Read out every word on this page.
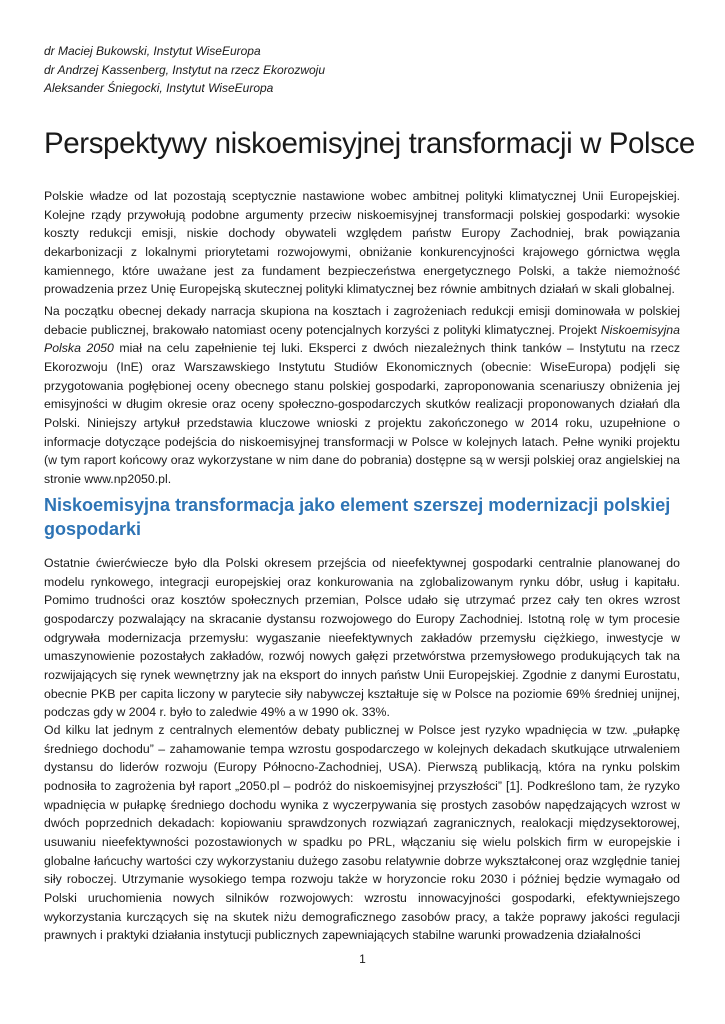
dr Maciej Bukowski, Instytut WiseEuropa
dr Andrzej Kassenberg, Instytut na rzecz Ekorozwoju
Aleksander Śniegocki, Instytut WiseEuropa
Perspektywy niskoemisyjnej transformacji w Polsce

Polskie władze od lat pozostają sceptycznie nastawione wobec ambitnej polityki klimatycznej Unii Europejskiej. Kolejne rządy przywołują podobne argumenty przeciw niskoemisyjnej transformacji polskiej gospodarki: wysokie koszty redukcji emisji, niskie dochody obywateli względem państw Europy Zachodniej, brak powiązania dekarbonizacji z lokalnymi priorytetami rozwojowymi, obniżanie konkurencyjności krajowego górnictwa węgla kamiennego, które uważane jest za fundament bezpieczeństwa energetycznego Polski, a także niemożność prowadzenia przez Unię Europejską skutecznej polityki klimatycznej bez równie ambitnych działań w skali globalnej.

Na początku obecnej dekady narracja skupiona na kosztach i zagrożeniach redukcji emisji dominowała w polskiej debacie publicznej, brakowało natomiast oceny potencjalnych korzyści z polityki klimatycznej. Projekt Niskoemisyjna Polska 2050 miał na celu zapełnienie tej luki. Eksperci z dwóch niezależnych think tanków – Instytutu na rzecz Ekorozwoju (InE) oraz Warszawskiego Instytutu Studiów Ekonomicznych (obecnie: WiseEuropa) podjęli się przygotowania pogłębionej oceny obecnego stanu polskiej gospodarki, zaproponowania scenariuszy obniżenia jej emisyjności w długim okresie oraz oceny społeczno-gospodarczych skutków realizacji proponowanych działań dla Polski. Niniejszy artykuł przedstawia kluczowe wnioski z projektu zakończonego w 2014 roku, uzupełnione o informacje dotyczące podejścia do niskoemisyjnej transformacji w Polsce w kolejnych latach. Pełne wyniki projektu (w tym raport końcowy oraz wykorzystane w nim dane do pobrania) dostępne są w wersji polskiej oraz angielskiej na stronie www.np2050.pl.

Niskoemisyjna transformacja jako element szerszej modernizacji polskiej gospodarki

Ostatnie ćwierćwiecze było dla Polski okresem przejścia od nieefektywnej gospodarki centralnie planowanej do modelu rynkowego, integracji europejskiej oraz konkurowania na zglobalizowanym rynku dóbr, usług i kapitału. Pomimo trudności oraz kosztów społecznych przemian, Polsce udało się utrzymać przez cały ten okres wzrost gospodarczy pozwalający na skracanie dystansu rozwojowego do Europy Zachodniej. Istotną rolę w tym procesie odgrywała modernizacja przemysłu: wygaszanie nieefektywnych zakładów przemysłu ciężkiego, inwestycje w umaszynowienie pozostałych zakładów, rozwój nowych gałęzi przetwórstwa przemysłowego produkujących tak na rozwijających się rynek wewnętrzny jak na eksport do innych państw Unii Europejskiej. Zgodnie z danymi Eurostatu, obecnie PKB per capita liczony w parytecie siły nabywczej kształtuje się w Polsce na poziomie 69% średniej unijnej, podczas gdy w 2004 r. było to zaledwie 49% a w 1990 ok. 33%.

Od kilku lat jednym z centralnych elementów debaty publicznej w Polsce jest ryzyko wpadnięcia w tzw. „pułapkę średniego dochodu” – zahamowanie tempa wzrostu gospodarczego w kolejnych dekadach skutkujące utrwaleniem dystansu do liderów rozwoju (Europy Północno-Zachodniej, USA). Pierwszą publikacją, która na rynku polskim podnosiła to zagrożenia był raport „2050.pl – podróż do niskoemisyjnej przyszłości” [1]. Podkreślono tam, że ryzyko wpadnięcia w pułapkę średniego dochodu wynika z wyczerpywania się prostych zasobów napędzających wzrost w dwóch poprzednich dekadach: kopiowaniu sprawdzonych rozwiązań zagranicznych, realokacji międzysektorowej, usuwaniu nieefektywności pozostawionych w spadku po PRL, włączaniu się wielu polskich firm w europejskie i globalne łańcuchy wartości czy wykorzystaniu dużego zasobu relatywnie dobrze wykształconej oraz względnie taniej siły roboczej. Utrzymanie wysokiego tempa rozwoju także w horyzoncie roku 2030 i później będzie wymagało od Polski uruchomienia nowych silników rozwojowych: wzrostu innowacyjności gospodarki, efektywniejszego wykorzystania kurczących się na skutek niżu demograficznego zasobów pracy, a także poprawy jakości regulacji prawnych i praktyki działania instytucji publicznych zapewniających stabilne warunki prowadzenia działalności

1
